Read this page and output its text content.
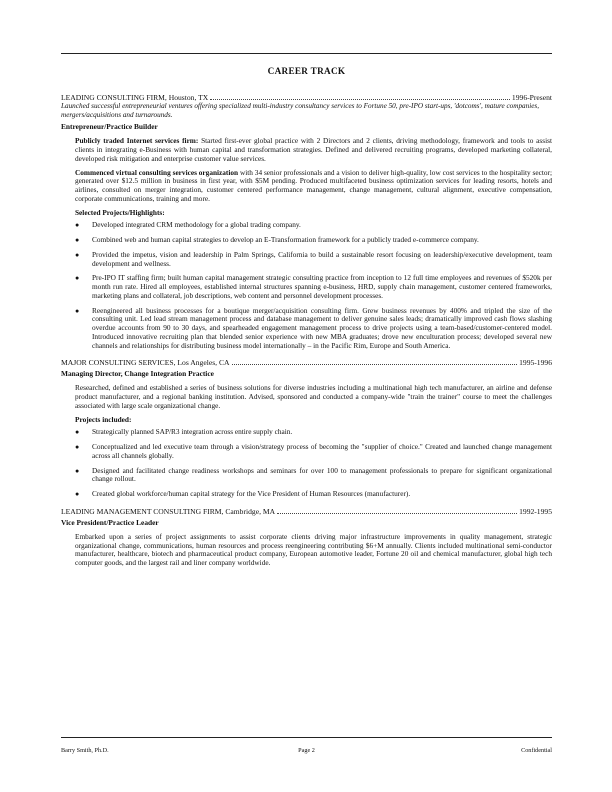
CAREER TRACK
LEADING CONSULTING FIRM, Houston, TX	1996-Present
Launched successful entrepreneurial ventures offering specialized multi-industry consultancy services to Fortune 50, pre-IPO start-ups, 'dotcoms', mature companies, mergers/acquisitions and turnarounds.
Entrepreneur/Practice Builder
Publicly traded Internet services firm: Started first-ever global practice with 2 Directors and 2 clients, driving methodology, framework and tools to assist clients in integrating e-Business with human capital and transformation strategies. Defined and delivered recruiting programs, developed marketing collateral, developed risk mitigation and enterprise customer value services.
Commenced virtual consulting services organization with 34 senior professionals and a vision to deliver high-quality, low cost services to the hospitality sector; generated over $12.5 million in business in first year, with $5M pending. Produced multifaceted business optimization services for leading resorts, hotels and airlines, consulted on merger integration, customer centered performance management, change management, cultural alignment, executive compensation, corporate communications, training and more.
Selected Projects/Highlights:
● Developed integrated CRM methodology for a global trading company.
● Combined web and human capital strategies to develop an E-Transformation framework for a publicly traded e-commerce company.
● Provided the impetus, vision and leadership in Palm Springs, California to build a sustainable resort focusing on leadership/executive development, team development and wellness.
● Pre-IPO IT staffing firm; built human capital management strategic consulting practice from inception to 12 full time employees and revenues of $520k per month run rate. Hired all employees, established internal structures spanning e-business, HRD, supply chain management, customer centered frameworks, marketing plans and collateral, job descriptions, web content and personnel development processes.
● Reengineered all business processes for a boutique merger/acquisition consulting firm. Grew business revenues by 400% and tripled the size of the consulting unit. Led lead stream management process and database management to deliver genuine sales leads; dramatically improved cash flows slashing overdue accounts from 90 to 30 days, and spearheaded engagement management process to drive projects using a team-based/customer-centered model. Introduced innovative recruiting plan that blended senior experience with new MBA graduates; drove new enculturation process; developed several new channels and relationships for distributing business model internationally – in the Pacific Rim, Europe and South America.
MAJOR CONSULTING SERVICES, Los Angeles, CA	1995-1996
Managing Director, Change Integration Practice
Researched, defined and established a series of business solutions for diverse industries including a multinational high tech manufacturer, an airline and defense product manufacturer, and a regional banking institution. Advised, sponsored and conducted a company-wide "train the trainer" course to meet the challenges associated with large scale organizational change.
Projects included:
● Strategically planned SAP/R3 integration across entire supply chain.
● Conceptualized and led executive team through a vision/strategy process of becoming the "supplier of choice." Created and launched change management across all channels globally.
● Designed and facilitated change readiness workshops and seminars for over 100 to management professionals to prepare for significant organizational change rollout.
● Created global workforce/human capital strategy for the Vice President of Human Resources (manufacturer).
LEADING MANAGEMENT CONSULTING FIRM, Cambridge, MA	1992-1995
Vice President/Practice Leader
Embarked upon a series of project assignments to assist corporate clients driving major infrastructure improvements in quality management, strategic organizational change, communications, human resources and process reengineering contributing $6+M annually. Clients included multinational semi-conductor manufacturer, healthcare, biotech and pharmaceutical product company, European automotive leader, Fortune 20 oil and chemical manufacturer, global high tech computer goods, and the largest rail and liner company worldwide.
Barry Smith, Ph.D.	Page 2	Confidential
